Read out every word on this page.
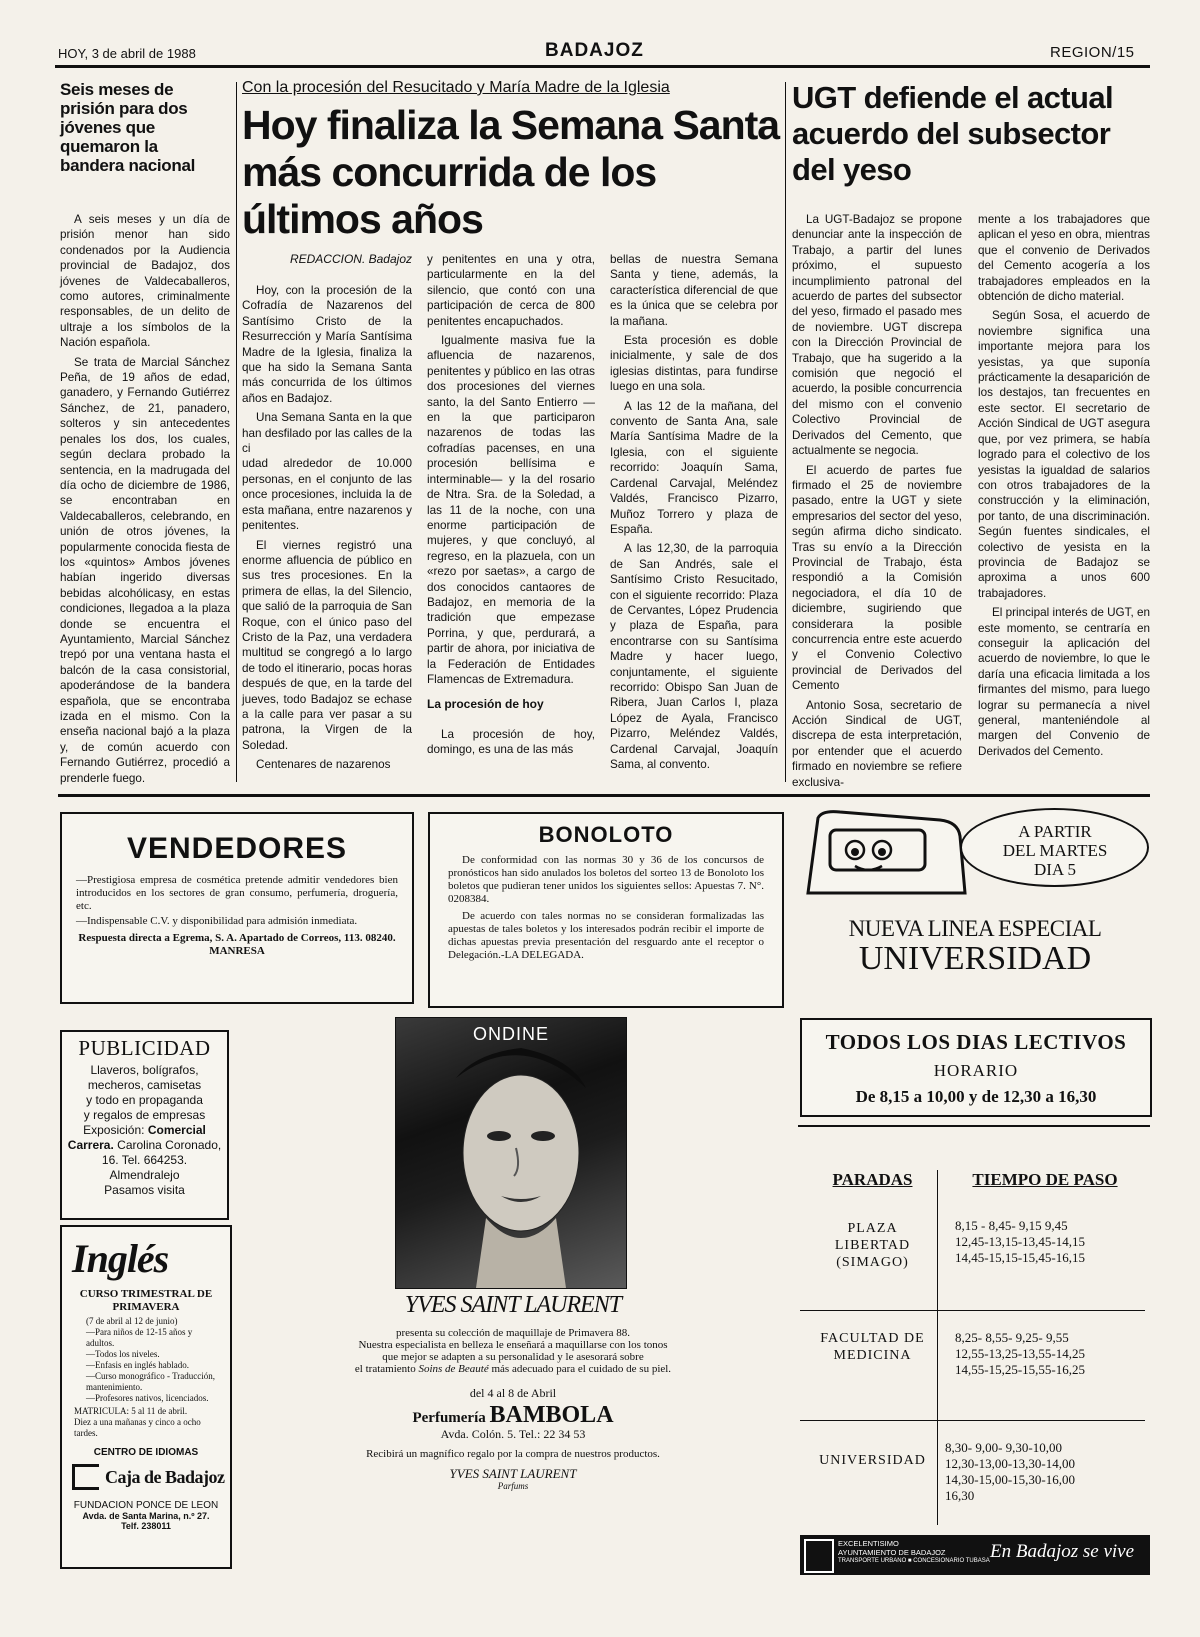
HOY, 3 de abril de 1988	BADAJOZ	REGION/15
Seis meses de prisión para dos jóvenes que quemaron la bandera nacional

A seis meses y un día de prisión menor han sido condenados por la Audiencia provincial de Badajoz, dos jóvenes de Valdecaballeros, como autores, criminalmente responsables, de un delito de ultraje a los símbolos de la Nación española.

Se trata de Marcial Sánchez Peña, de 19 años de edad, ganadero, y Fernando Gutiérrez Sánchez, de 21, panadero, solteros y sin antecedentes penales los dos, los cuales, según declara probado la sentencia, en la madrugada del día ocho de diciembre de 1986, se encontraban en Valdecaballeros, celebrando, en unión de otros jóvenes, la popularmente conocida fiesta de los «quintos» Ambos jóvenes habían ingerido diversas bebidas alcohólicasy, en estas condiciones, llegadoa a la plaza donde se encuentra el Ayuntamiento, Marcial Sánchez trepó por una ventana hasta el balcón de la casa consistorial, apoderándose de la bandera española, que se encontraba izada en el mismo. Con la enseña nacional bajó a la plaza y, de común acuerdo con Fernando Gutiérrez, procedió a prenderle fuego.

Con la procesión del Resucitado y María Madre de la Iglesia
Hoy finaliza la Semana Santa más concurrida de los últimos años
REDACCION. Badajoz

Hoy, con la procesión de la Cofradía de Nazarenos del Santísimo Cristo de la Resurrección y María Santísima Madre de la Iglesia, finaliza la que ha sido la Semana Santa más concurrida de los últimos años en Badajoz.

Una Semana Santa en la que han desfilado por las calles de la ci

udad alrededor de 10.000 personas, en el conjunto de las once procesiones, incluida la de esta mañana, entre nazarenos y penitentes.

El viernes registró una enorme afluencia de público en sus tres procesiones. En la primera de ellas, la del Silencio, que salió de la parroquia de San Roque, con el único paso del Cristo de la Paz, una verdadera multitud se congregó a lo largo de todo el itinerario, pocas horas después de que, en la tarde del jueves, todo Badajoz se echase a la calle para ver pasar a su patrona, la Virgen de la Soledad.

Centenares de nazarenos

y penitentes en una y otra, particularmente en la del silencio, que contó con una participación de cerca de 800 penitentes encapuchados.

Igualmente masiva fue la afluencia de nazarenos, penitentes y público en las otras dos procesiones del viernes santo, la del Santo Entierro —en la que participaron nazarenos de todas las cofradías pacenses, en una procesión bellísima e interminable— y la del rosario de Ntra. Sra. de la Soledad, a las 11 de la noche, con una enorme participación de mujeres, y que concluyó, al regreso, en la plazuela, con un «rezo por saetas», a cargo de dos conocidos cantaores de Badajoz, en memoria de la tradición que empezase Porrina, y que, perdurará, a partir de ahora, por iniciativa de la Federación de Entidades Flamencas de Extremadura.

La procesión de hoy

La procesión de hoy, domingo, es una de las más

bellas de nuestra Semana Santa y tiene, además, la característica diferencial de que es la única que se celebra por la mañana.

Esta procesión es doble inicialmente, y sale de dos iglesias distintas, para fundirse luego en una sola.

A las 12 de la mañana, del convento de Santa Ana, sale María Santísima Madre de la Iglesia, con el siguiente recorrido: Joaquín Sama, Cardenal Carvajal, Meléndez Valdés, Francisco Pizarro, Muñoz Torrero y plaza de España.

A las 12,30, de la parroquia de San Andrés, sale el Santísimo Cristo Resucitado, con el siguiente recorrido: Plaza de Cervantes, López Prudencia y plaza de España, para encontrarse con su Santísima Madre y hacer luego, conjuntamente, el siguiente recorrido: Obispo San Juan de Ribera, Juan Carlos I, plaza López de Ayala, Francisco Pizarro, Meléndez Valdés, Cardenal Carvajal, Joaquín Sama, al convento.

UGT defiende el actual acuerdo del subsector del yeso

La UGT-Badajoz se propone denunciar ante la inspección de Trabajo, a partir del lunes próximo, el supuesto incumplimiento patronal del acuerdo de partes del subsector del yeso, firmado el pasado mes de noviembre. UGT discrepa con la Dirección Provincial de Trabajo, que ha sugerido a la comisión que negoció el acuerdo, la posible concurrencia del mismo con el convenio Colectivo Provincial de Derivados del Cemento, que actualmente se negocia.

El acuerdo de partes fue firmado el 25 de noviembre pasado, entre la UGT y siete empresarios del sector del yeso, según afirma dicho sindicato. Tras su envío a la Dirección Provincial de Trabajo, ésta respondió a la Comisión negociadora, el día 10 de diciembre, sugiriendo que considerara la posible concurrencia entre este acuerdo y el Convenio Colectivo provincial de Derivados del Cemento

Antonio Sosa, secretario de Acción Sindical de UGT, discrepa de esta interpretación, por entender que el acuerdo firmado en noviembre se refiere exclusiva-

mente a los trabajadores que aplican el yeso en obra, mientras que el convenio de Derivados del Cemento acogería a los trabajadores empleados en la obtención de dicho material.

Según Sosa, el acuerdo de noviembre significa una importante mejora para los yesistas, ya que suponía prácticamente la desaparición de los destajos, tan frecuentes en este sector. El secretario de Acción Sindical de UGT asegura que, por vez primera, se había logrado para el colectivo de los yesistas la igualdad de salarios con otros trabajadores de la construcción y la eliminación, por tanto, de una discriminación. Según fuentes sindicales, el colectivo de yesista en la provincia de Badajoz se aproxima a unos 600 trabajadores.

El principal interés de UGT, en este momento, se centraría en conseguir la aplicación del acuerdo de noviembre, lo que le daría una eficacia limitada a los firmantes del mismo, para luego lograr su permanecía a nivel general, manteniéndole al margen del Convenio de Derivados del Cemento.

VENDEDORES
—Prestigiosa empresa de cosmética pretende admitir vendedores bien introducidos en los sectores de gran consumo, perfumería, droguería, etc.
—Indispensable C.V. y disponibilidad para admisión inmediata.
Respuesta directa a Egrema, S. A. Apartado de Correos, 113. 08240. MANRESA
BONOLOTO
De conformidad con las normas 30 y 36 de los concursos de pronósticos han sido anulados los boletos del sorteo 13 de Bonoloto los boletos que pudieran tener unidos los siguientes sellos: Apuestas 7. N°. 0208384.
De acuerdo con tales normas no se consideran formalizadas las apuestas de tales boletos y los interesados podrán recibir el importe de dichas apuestas previa presentación del resguardo ante el receptor o Delegación.-LA DELEGADA.
PUBLICIDAD
Llaveros, bolígrafos,
mecheros, camisetas
y todo en propaganda
y regalos de empresas
Exposición: Comercial Carrera. Carolina Coronado, 16. Tel. 664253.
Almendralejo
Pasamos visita
Inglés
CURSO TRIMESTRAL DE PRIMAVERA
(7 de abril al 12 de junio)
—Para niños de 12-15 años y adultos.
—Todos los niveles.
—Enfasis en inglés hablado.
—Curso monográfico - Traducción, mantenimiento.
—Profesores nativos, licenciados.
MATRICULA: 5 al 11 de abril.
Diez a una mañanas y cinco a ocho tardes.
CENTRO DE IDIOMAS
Caja de Badajoz
FUNDACION PONCE DE LEON
Avda. de Santa Marina, n.º 27.
Telf. 238011
ONDINE
YVES SAINT LAURENT
presenta su colección de maquillaje de Primavera 88.
Nuestra especialista en belleza le enseñará a maquillarse con los tonos
que mejor se adapten a su personalidad y le asesorará sobre
el tratamiento Soins de Beauté más adecuado para el cuidado de su piel.
del 4 al 8 de Abril
Perfumería BAMBOLA
Avda. Colón. 5. Tel.: 22 34 53
Recibirá un magnífico regalo por la compra de nuestros productos.
YVES SAINT LAURENT
Parfums
A PARTIR
DEL MARTES
DIA 5
NUEVA LINEA ESPECIAL
UNIVERSIDAD
TODOS LOS DIAS LECTIVOS
HORARIO
De 8,15 a 10,00 y de 12,30 a 16,30
PARADAS	TIEMPO DE PASO
PLAZA LIBERTAD (SIMAGO)
8,15 - 8,45- 9,15 9,45
12,45-13,15-13,45-14,15
14,45-15,15-15,45-16,15
FACULTAD DE MEDICINA
8,25- 8,55- 9,25- 9,55
12,55-13,25-13,55-14,25
14,55-15,25-15,55-16,25
UNIVERSIDAD
8,30- 9,00- 9,30-10,00
12,30-13,00-13,30-14,00
14,30-15,00-15,30-16,00
16,30
EXCELENTISIMO
AYUNTAMIENTO DE BADAJOZ
TRANSPORTE URBANO ■ CONCESIONARIO TUBASA En Badajoz se vive
